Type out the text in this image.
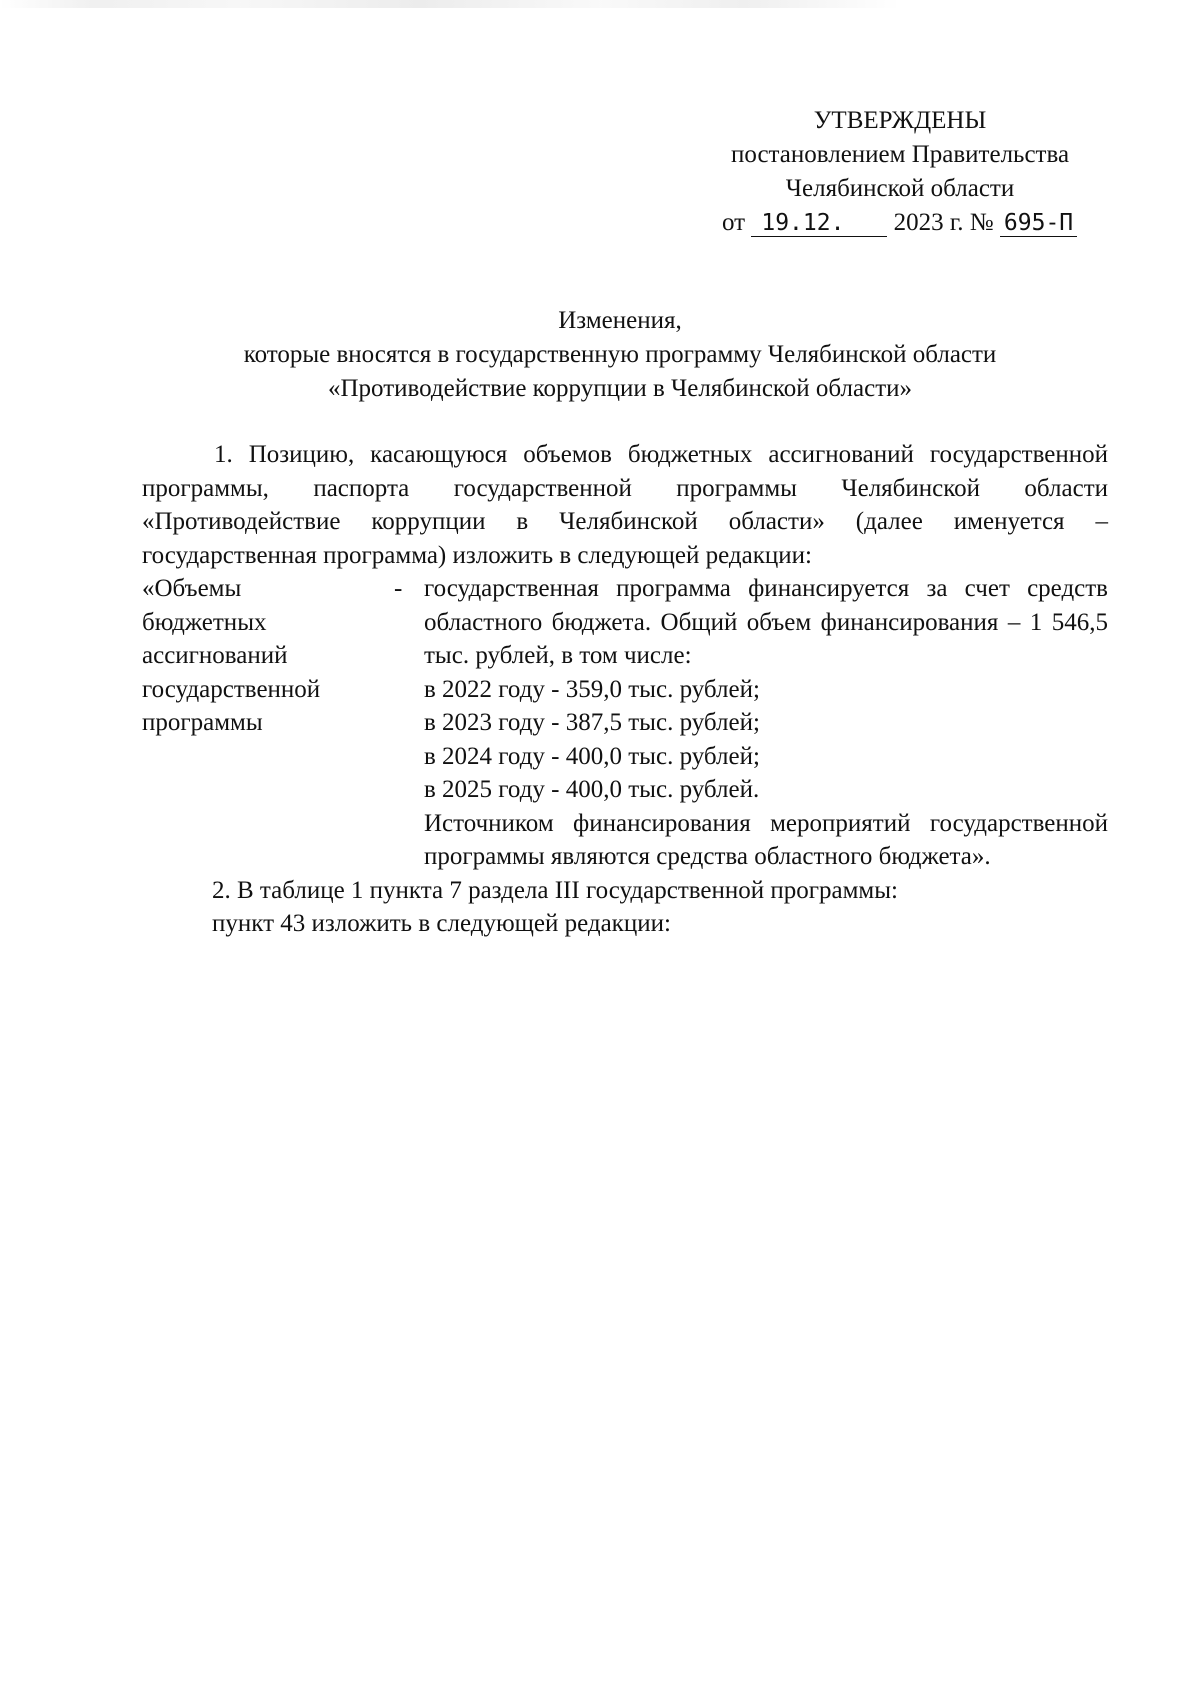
УТВЕРЖДЕНЫ
постановлением Правительства
Челябинской области
от 19.12. 2023 г. № 695-П
Изменения,
которые вносятся в государственную программу Челябинской области
«Противодействие коррупции в Челябинской области»

1. Позицию, касающуюся объемов бюджетных ассигнований государственной программы, паспорта государственной программы Челябинской области «Противодействие коррупции в Челябинской области» (далее именуется – государственная программа) изложить в следующей редакции:

«Объемы
бюджетных
ассигнований
государственной
программы
- государственная программа финансируется за счет средств областного бюджета. Общий объем финансирования – 1 546,5 тыс. рублей, в том числе:

в 2022 году - 359,0 тыс. рублей;
в 2023 году - 387,5 тыс. рублей;
в 2024 году - 400,0 тыс. рублей;
в 2025 году - 400,0 тыс. рублей.

Источником финансирования мероприятий государственной программы являются средства областного бюджета».

2. В таблице 1 пункта 7 раздела III государственной программы:

пункт 43 изложить в следующей редакции:
